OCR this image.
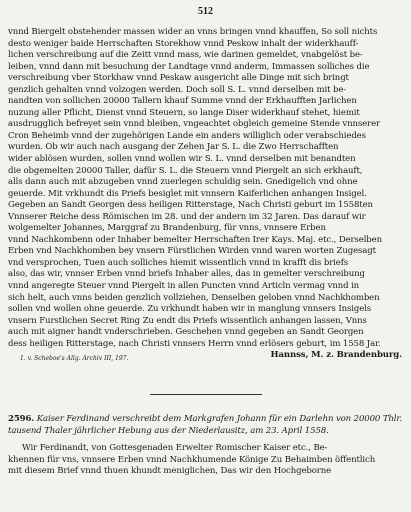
512
vnnd Biergelt obstehender massen wider an vnns bringen vnnd khauffen, So soll nichts
desto weniger baide Herrschaften Storekhow vnnd Peskow inhalt der widerkhauff-
lichen verschreibung auf die Zeitt vnnd mass, wie darinen gemeldet, vnabgelöst be-
leiben, vnnd dann mit besuchung der Landtage vnnd anderm, Immassen solliches die
verschreibung vber Storkhaw vnnd Peskaw ausgericht alle Dinge mit sich bringt
genzlich gehalten vnnd volzogen werden. Doch soll S. L. vnnd derselben mit be-
nandten von sollichen 20000 Tallern khauf Summe vnnd der Erkhaufften Jarlichen
nuzung aller Pflicht, Dienst vnnd Steuern, so lange Diser widerkhauf stehet, hiemit
ausdrugglich befreyet sein vnnd bleiben, vngeachtet obgleich gemeine Stende vnnserer
Cron Beheimb vnnd der zugehörigen Lande ein anders williglich oder verabschiedes
wurden. Ob wir auch nach ausgang der Zehen Jar S. L. die Zwo Herrschafften
wider ablösen wurden, sollen vnnd wollen wir S. L. vnnd derselben mit benandten
die obgemelten 20000 Taller, dafür S. L. die Steuern vnnd Piergelt an sich erkhauft,
alls dann auch mit abzugeben vnnd zuerlegen schuldig sein. Gnedigelich vnd ohne
geuerde. Mit vrkhundt dis Priefs besiglet mit vnnsern Kaiferlichen anhangen Insigel.
Gegeben an Sandt Georgen dess heiligen Ritterstage, Nach Christi geburt im 1558ten
Vnnserer Reiche dess Römischen im 28. und der andern im 32 Jaren. Das darauf wir
wolgemelter Johannes, Marggraf zu Brandenburg, für vnns, vnnsere Erben
vnnd Nachkombenn oder Inhaber bemelter Herrschaften Irer Kays. Maj. etc., Derselben
Erben vnd Nachkhomben bey vnsern Fürstlichen Wirden vnnd waren worten Zugesagt
vnd versprochen, Tuen auch solliches hiemit wissentlich vnnd in krafft dis briefs
also, das wir, vnnser Erben vnnd briefs Inhaber alles, das in gemelter verschreibung
vnnd angeregte Steuer vnnd Piergelt in allen Puncten vnnd Articln vermag vnnd in
sich helt, auch vnns beiden genzlich vollziehen, Denselben geloben vnnd Nachkhomben
sollen vnd wollen ohne geuerde. Zu vrkhundt haben wir in manglung vnnsers Insigels
vnsern Furstlichen Secret Ring Zu endt dis Priefs wissentlich anhangen lassen, Vnns
auch mit aigner handt vnderschrieben. Geschehen vnnd gegeben an Sandt Georgen
dess heiligen Ritterstage, nach Christi vnnsers Herrn vnnd erlösers geburt, im 1558 Jar.
Hannss, M. z. Brandenburg.
1. v. Scheboe's Allg. Archiv III, 197.
2596. Kaiser Ferdinand verschreibt dem Markgrafen Johann für ein Darlehn von 20000 Thlr.
tausend Thaler jährlicher Hebung aus der Niederlausitz, am 23. April 1558.
Wir Ferdinandt, von Gottesgenaden Erwelter Romischer Kaiser etc., Be-
khennen für vns, vnnsere Erben vnnd Nachkhumende Könige Zu Behaimben öffentlich
mit diesem Brief vnnd thuen khundt meniglichen, Das wir den Hochgeborne
